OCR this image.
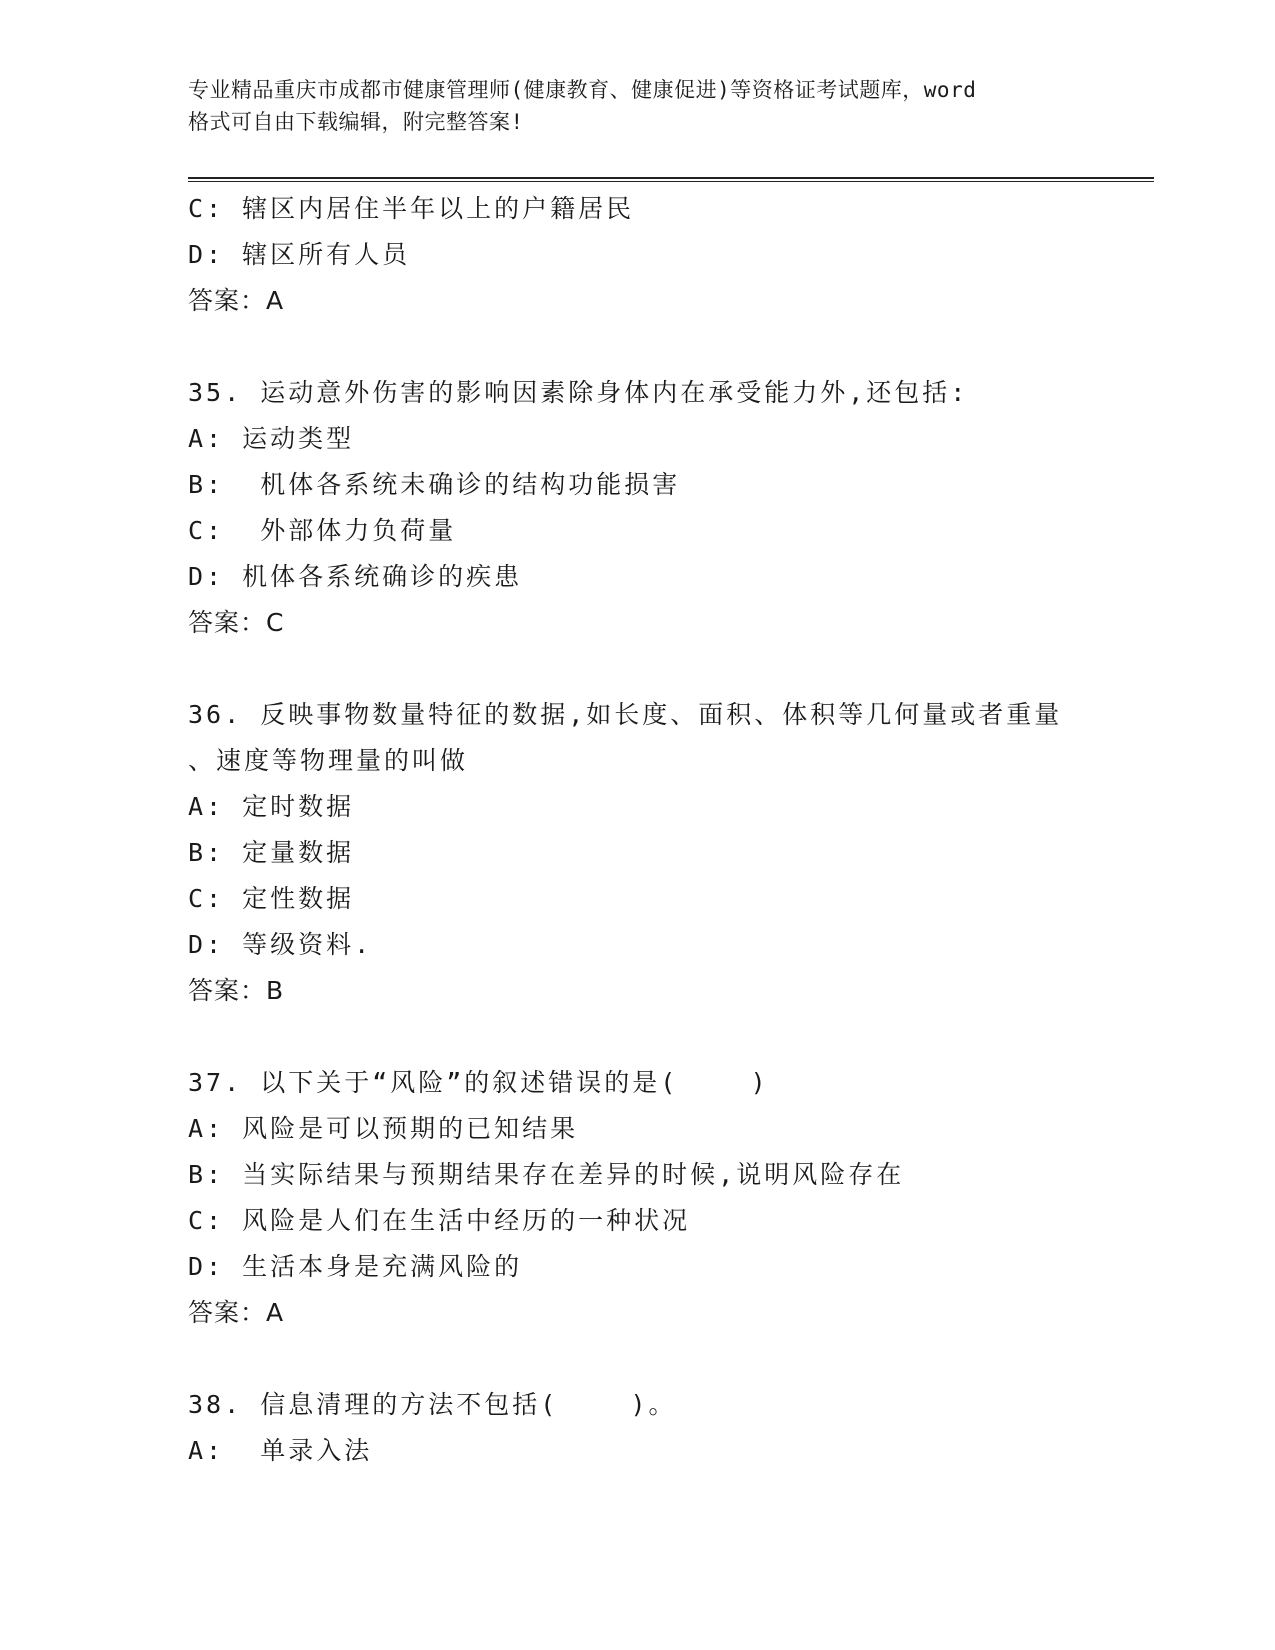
专业精品重庆市成都市健康管理师(健康教育、健康促进)等资格证考试题库，word
格式可自由下载编辑，附完整答案!
C: 辖区内居住半年以上的户籍居民
D: 辖区所有人员
答案：A
35. 运动意外伤害的影响因素除身体内在承受能力外,还包括:
A: 运动类型
B:  机体各系统未确诊的结构功能损害
C:  外部体力负荷量
D: 机体各系统确诊的疾患
答案：C
36. 反映事物数量特征的数据,如长度、面积、体积等几何量或者重量
、速度等物理量的叫做
A: 定时数据
B: 定量数据
C: 定性数据
D: 等级资料.
答案：B
37. 以下关于“风险”的叙述错误的是(    )
A: 风险是可以预期的已知结果
B: 当实际结果与预期结果存在差异的时候,说明风险存在
C: 风险是人们在生活中经历的一种状况
D: 生活本身是充满风险的
答案：A
38. 信息清理的方法不包括(    )。
A:  单录入法
